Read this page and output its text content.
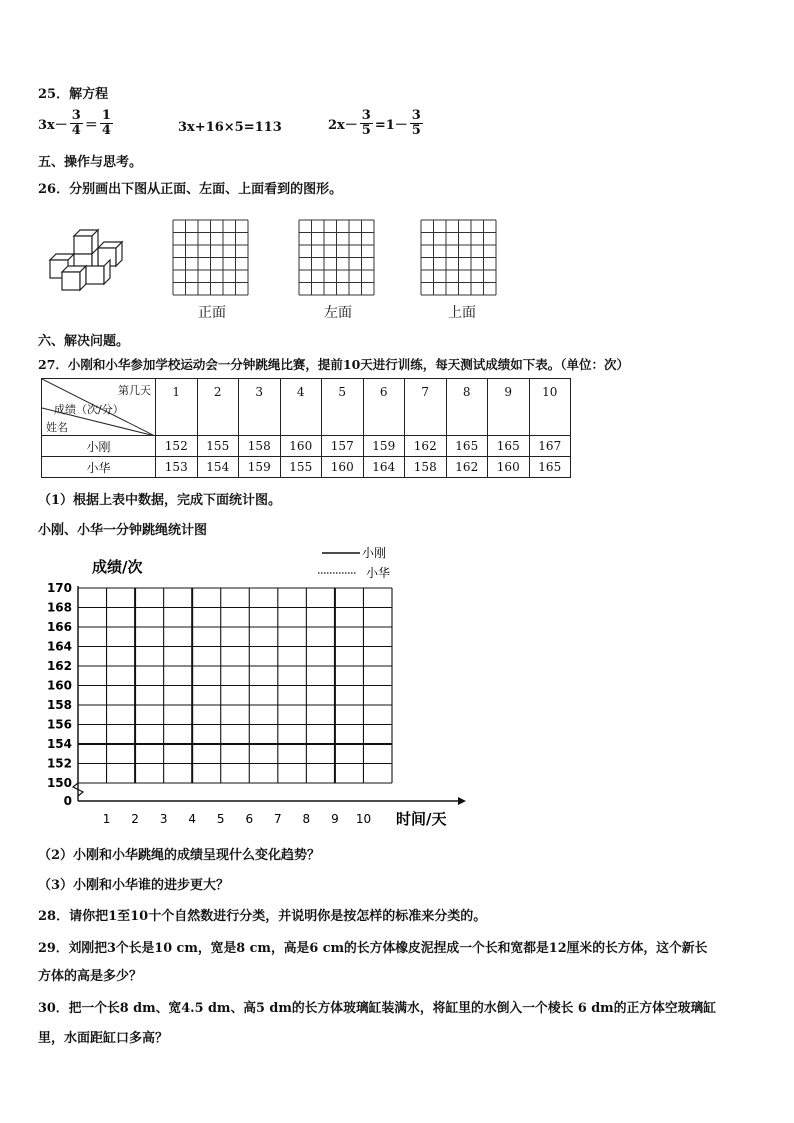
25．解方程
$3x- \frac{3}{4} = \frac{1}{4}$	3x+16×5=113	$2x- \frac{3}{5} =1- \frac{3}{5}$
五、操作与思考。
26．分别画出下图从正面、左面、上面看到的图形。
正面	左面	上面
六、解决问题。
27．小刚和小华参加学校运动会一分钟跳绳比赛，提前10天进行训练，每天测试成绩如下表。（单位：次）
第几天
成绩（次/分）
姓名	1	2	3	4	5	6	7	8	9	10
小刚	152	155	158	160	157	159	162	165	165	167
小华	153	154	159	155	160	164	158	162	160	165
（1）根据上表中数据，完成下面统计图。
小刚、小华一分钟跳绳统计图
170
168
166
164
162
160
158
156
154
152
150
0
1 2 3 4 5 6 7 8 9 10
成绩/次
时间/天
小刚
小华
（2）小刚和小华跳绳的成绩呈现什么变化趋势？
（3）小刚和小华谁的进步更大？
28．请你把1至10十个自然数进行分类，并说明你是按怎样的标准来分类的。
29．刘刚把3个长是10 cm，宽是8 cm，高是6 cm的长方体橡皮泥捏成一个长和宽都是12厘米的长方体，这个新长
方体的高是多少？
30．把一个长8 dm、宽4.5 dm、高5 dm的长方体玻璃缸装满水，将缸里的水倒入一个棱长 6 dm的正方体空玻璃缸
里，水面距缸口多高？
